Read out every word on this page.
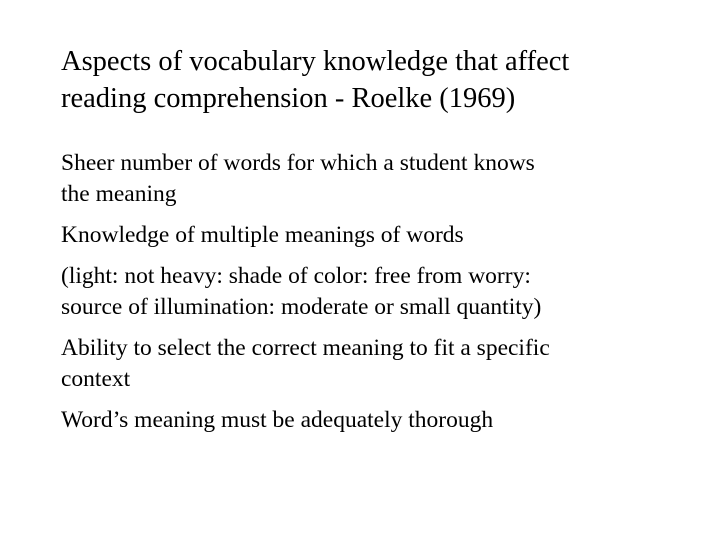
Aspects of vocabulary knowledge that affect
reading comprehension - Roelke (1969)
Sheer number of words for which a student knows
the meaning
Knowledge of multiple meanings of words
(light: not heavy: shade of color: free from worry:
source of illumination: moderate or small quantity)
Ability to select the correct meaning to fit a specific
context
Word’s meaning must be adequately thorough
